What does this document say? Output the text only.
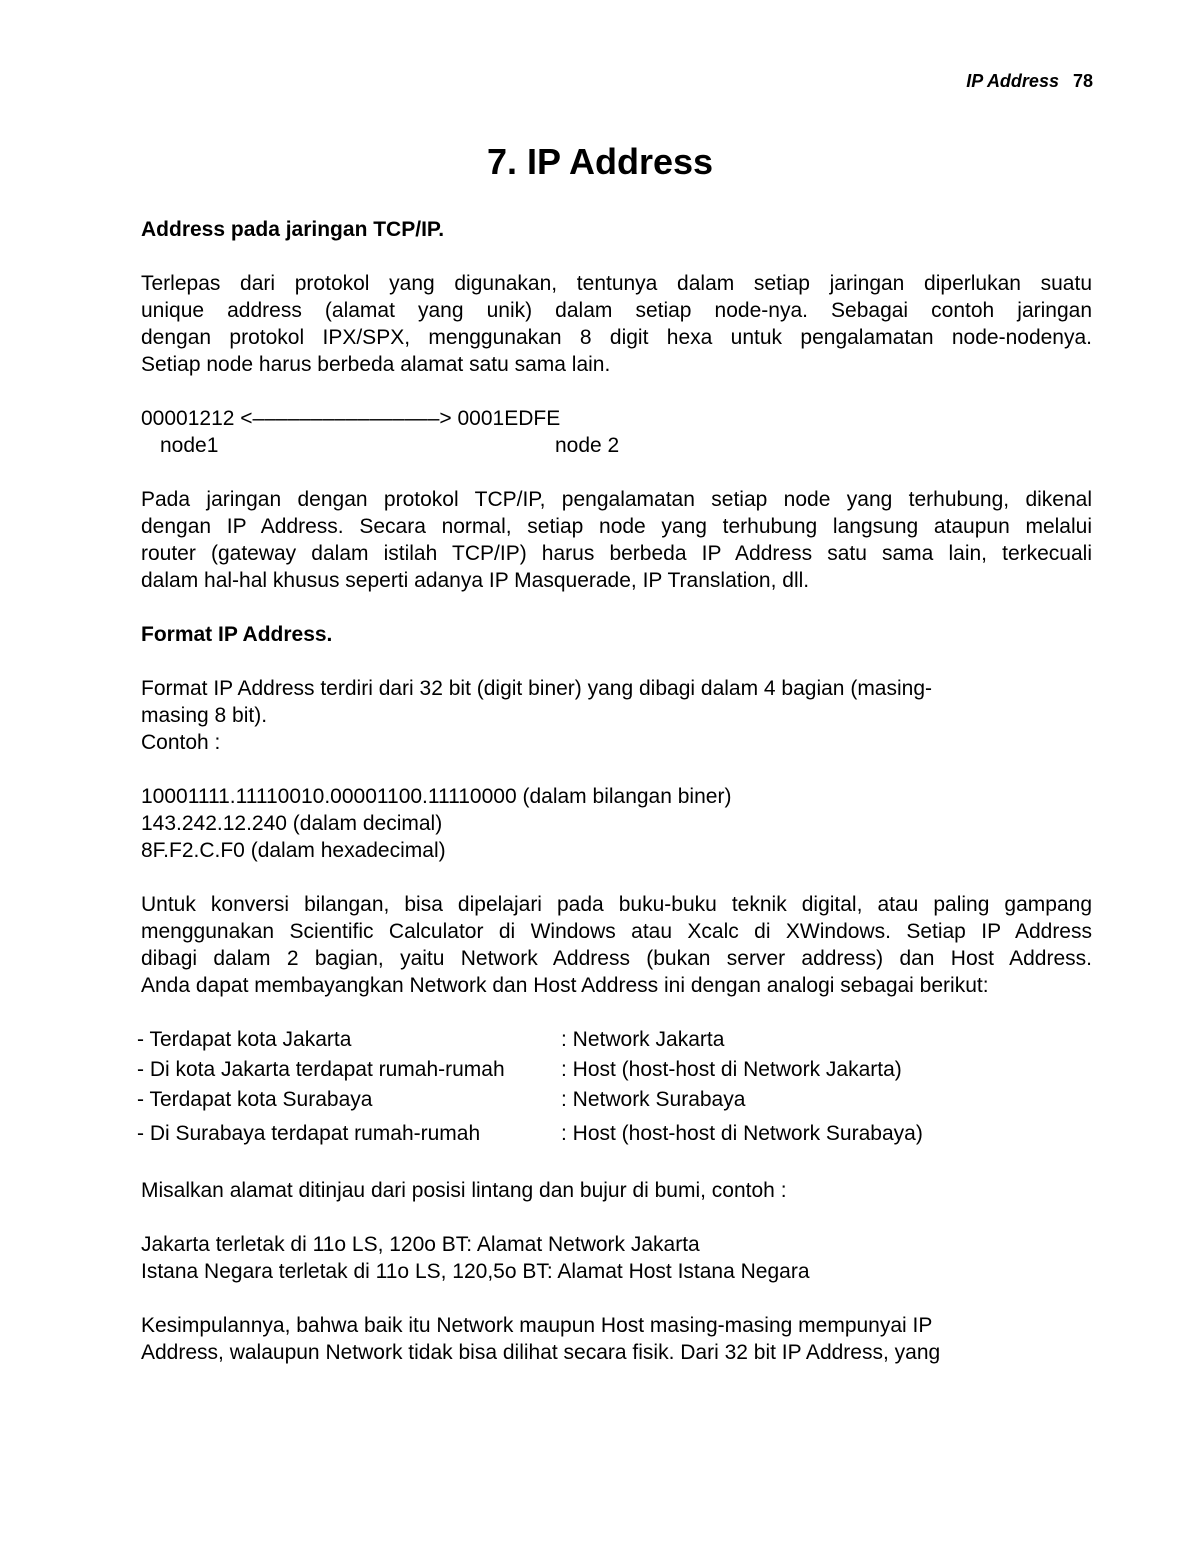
IP Address 78
7. IP Address
Address pada jaringan TCP/IP.
Terlepas dari protokol yang digunakan, tentunya dalam setiap jaringan diperlukan suatu
unique address (alamat yang unik) dalam setiap node-nya. Sebagai contoh jaringan
dengan protokol IPX/SPX, menggunakan 8 digit hexa untuk pengalamatan node-nodenya.
Setiap node harus berbeda alamat satu sama lain.
00001212 <––––––––––––––––> 0001EDFE
node1	node 2
Pada jaringan dengan protokol TCP/IP, pengalamatan setiap node yang terhubung, dikenal
dengan IP Address. Secara normal, setiap node yang terhubung langsung ataupun melalui
router (gateway dalam istilah TCP/IP) harus berbeda IP Address satu sama lain, terkecuali
dalam hal-hal khusus seperti adanya IP Masquerade, IP Translation, dll.
Format IP Address.
Format IP Address terdiri dari 32 bit (digit biner) yang dibagi dalam 4 bagian (masing-
masing 8 bit).
Contoh :
10001111.11110010.00001100.11110000 (dalam bilangan biner)
143.242.12.240 (dalam decimal)
8F.F2.C.F0 (dalam hexadecimal)
Untuk konversi bilangan, bisa dipelajari pada buku-buku teknik digital, atau paling gampang
menggunakan Scientific Calculator di Windows atau Xcalc di XWindows. Setiap IP Address
dibagi dalam 2 bagian, yaitu Network Address (bukan server address) dan Host Address.
Anda dapat membayangkan Network dan Host Address ini dengan analogi sebagai berikut:
- Terdapat kota Jakarta	: Network Jakarta
- Di kota Jakarta terdapat rumah-rumah	: Host (host-host di Network Jakarta)
- Terdapat kota Surabaya	: Network Surabaya
- Di Surabaya terdapat rumah-rumah	: Host (host-host di Network Surabaya)
Misalkan alamat ditinjau dari posisi lintang dan bujur di bumi, contoh :
Jakarta terletak di 11o LS, 120o BT: Alamat Network Jakarta
Istana Negara terletak di 11o LS, 120,5o BT: Alamat Host Istana Negara
Kesimpulannya, bahwa baik itu Network maupun Host masing-masing mempunyai IP
Address, walaupun Network tidak bisa dilihat secara fisik. Dari 32 bit IP Address, yang
